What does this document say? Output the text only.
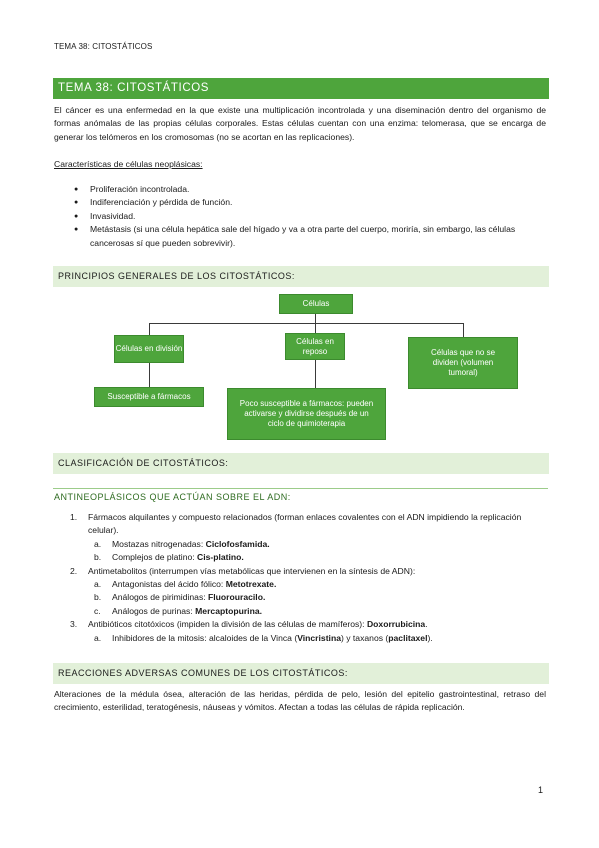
TEMA 38: CITOSTÁTICOS
TEMA 38: CITOSTÁTICOS

El cáncer es una enfermedad en la que existe una multiplicación incontrolada y una diseminación dentro del organismo de formas anómalas de las propias células corporales. Estas células cuentan con una enzima: telomerasa, que se encarga de generar los telómeros en los cromosomas (no se acortan en las replicaciones).

Características de células neoplásicas:
● Proliferación incontrolada.
● Indiferenciación y pérdida de función.
● Invasividad.
● Metástasis (si una célula hepática sale del hígado y va a otra parte del cuerpo, moriría, sin embargo, las células cancerosas sí que pueden sobrevivir).
PRINCIPIOS GENERALES DE LOS CITOSTÁTICOS:
Células
Células en división
Células en reposo	Células que no se dividen (volumen tumoral)
Susceptible a fármacos
Poco susceptible a fármacos: pueden activarse y dividirse después de un ciclo de quimioterapia
CLASIFICACIÓN DE CITOSTÁTICOS:
ANTINEOPLÁSICOS QUE ACTÚAN SOBRE EL ADN:
1. Fármacos alquilantes y compuesto relacionados (forman enlaces covalentes con el ADN impidiendo la replicación celular).
a. Mostazas nitrogenadas: Ciclofosfamida.
b. Complejos de platino: Cis-platino.
2. Antimetabolitos (interrumpen vías metabólicas que intervienen en la síntesis de ADN):
a. Antagonistas del ácido fólico: Metotrexate.
b. Análogos de pirimidinas: Fluorouracilo.
c. Análogos de purinas: Mercaptopurina.
3. Antibióticos citotóxicos (impiden la división de las células de mamíferos): Doxorrubicina.
a. Inhibidores de la mitosis: alcaloides de la Vinca (Vincristina) y taxanos (paclitaxel).
REACCIONES ADVERSAS COMUNES DE LOS CITOSTÁTICOS:

Alteraciones de la médula ósea, alteración de las heridas, pérdida de pelo, lesión del epitelio gastrointestinal, retraso del crecimiento, esterilidad, teratogénesis, náuseas y vómitos. Afectan a todas las células de rápida replicación.

1
